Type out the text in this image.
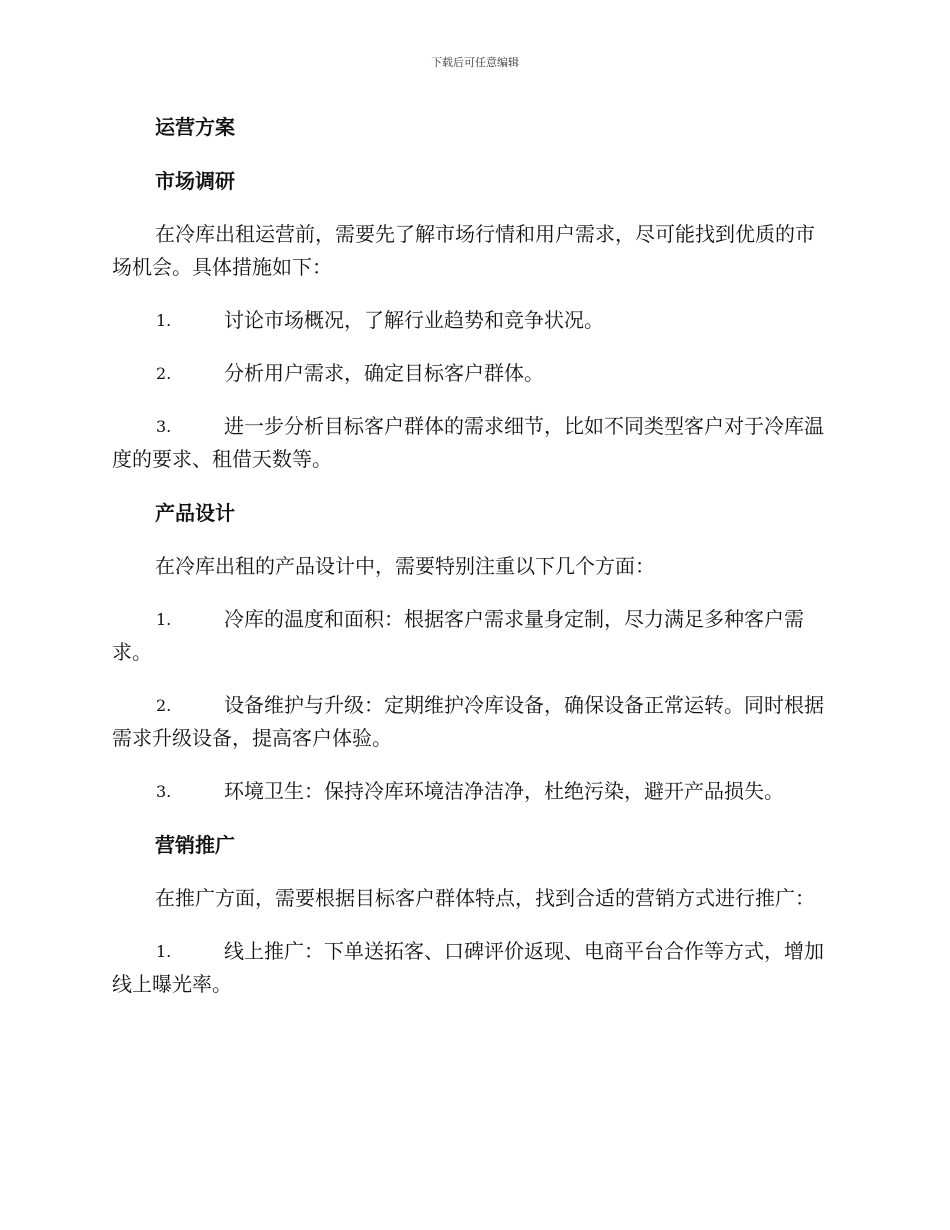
下载后可任意编辑
运营方案
市场调研
在冷库出租运营前，需要先了解市场行情和用户需求，尽可能找到优质的市场机会。具体措施如下：
1.	讨论市场概况，了解行业趋势和竞争状况。
2.	分析用户需求，确定目标客户群体。
3.	进一步分析目标客户群体的需求细节，比如不同类型客户对于冷库温度的要求、租借天数等。
产品设计
在冷库出租的产品设计中，需要特别注重以下几个方面：
1.	冷库的温度和面积：根据客户需求量身定制，尽力满足多种客户需求。
2.	设备维护与升级：定期维护冷库设备，确保设备正常运转。同时根据需求升级设备，提高客户体验。
3.	环境卫生：保持冷库环境洁净洁净，杜绝污染，避开产品损失。
营销推广
在推广方面，需要根据目标客户群体特点，找到合适的营销方式进行推广：
1.	线上推广：下单送拓客、口碑评价返现、电商平台合作等方式，增加线上曝光率。
